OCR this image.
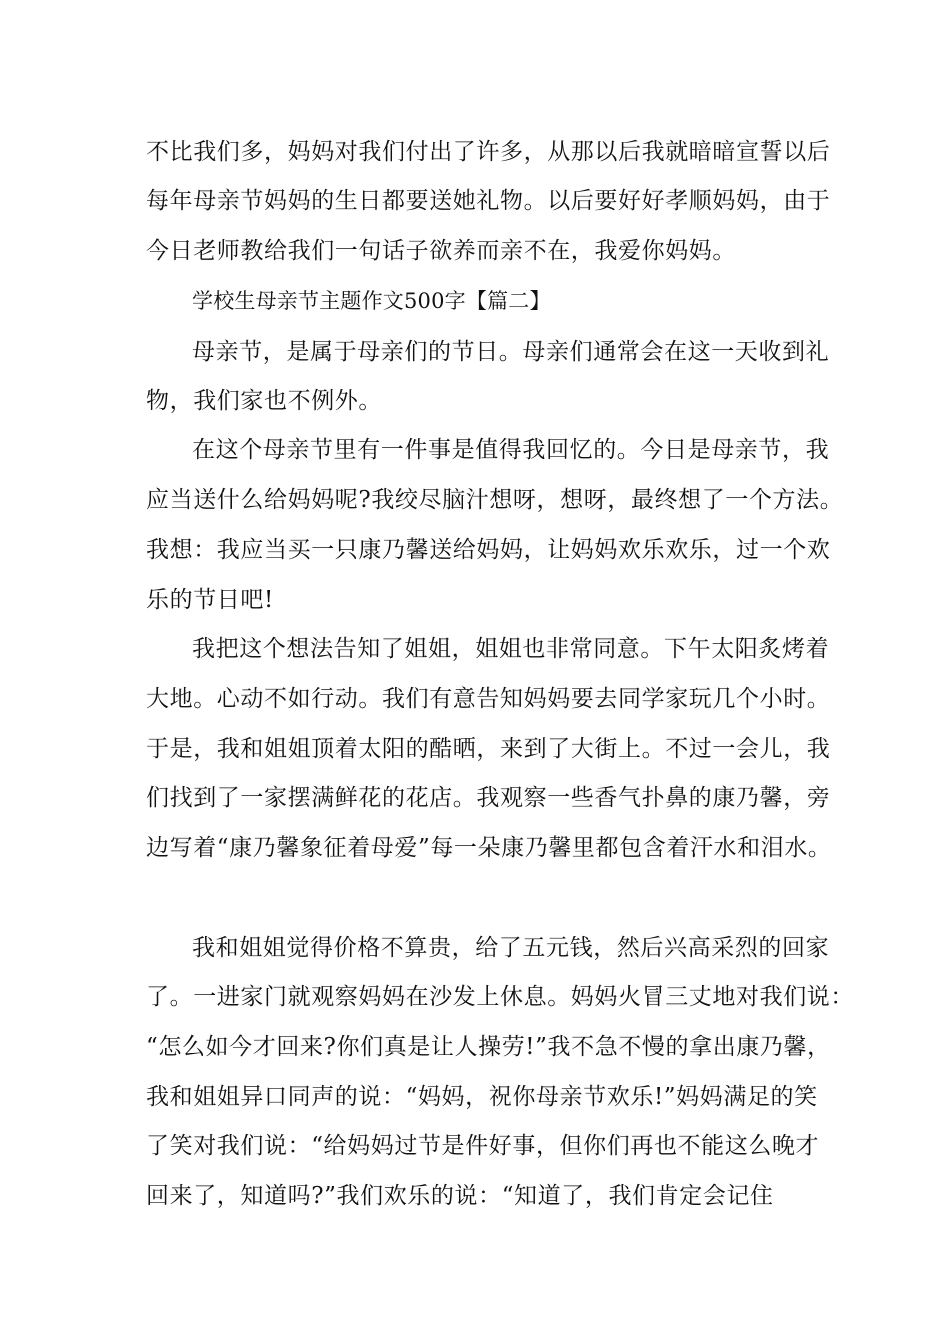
不比我们多，妈妈对我们付出了许多，从那以后我就暗暗宣誓以后
每年母亲节妈妈的生日都要送她礼物。以后要好好孝顺妈妈，由于
今日老师教给我们一句话子欲养而亲不在，我爱你妈妈。
学校生母亲节主题作文500字【篇二】
母亲节，是属于母亲们的节日。母亲们通常会在这一天收到礼
物，我们家也不例外。
在这个母亲节里有一件事是值得我回忆的。今日是母亲节，我
应当送什么给妈妈呢?我绞尽脑汁想呀，想呀，最终想了一个方法。
我想：我应当买一只康乃馨送给妈妈，让妈妈欢乐欢乐，过一个欢
乐的节日吧!
我把这个想法告知了姐姐，姐姐也非常同意。下午太阳炙烤着
大地。心动不如行动。我们有意告知妈妈要去同学家玩几个小时。
于是，我和姐姐顶着太阳的酷晒，来到了大街上。不过一会儿，我
们找到了一家摆满鲜花的花店。我观察一些香气扑鼻的康乃馨，旁
边写着“康乃馨象征着母爱”每一朵康乃馨里都包含着汗水和泪水。
我和姐姐觉得价格不算贵，给了五元钱，然后兴高采烈的回家
了。一进家门就观察妈妈在沙发上休息。妈妈火冒三丈地对我们说：
“怎么如今才回来?你们真是让人操劳!”我不急不慢的拿出康乃馨，
我和姐姐异口同声的说：“妈妈，祝你母亲节欢乐!”妈妈满足的笑
了笑对我们说：“给妈妈过节是件好事，但你们再也不能这么晚才
回来了，知道吗?”我们欢乐的说：“知道了，我们肯定会记住
